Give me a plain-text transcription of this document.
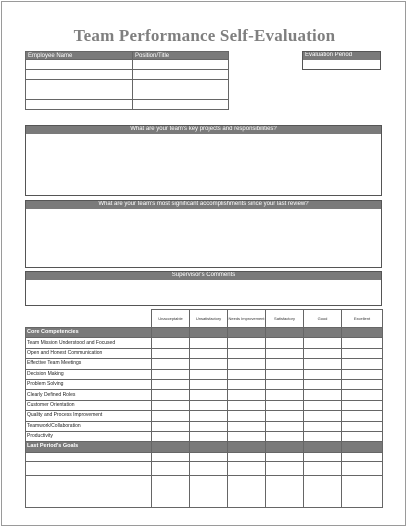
Team Performance Self-Evaluation
Employee Name	Position/Title

		Evaluation Period
What are your team's key projects and responsibilities?
What are your team's most significant accomplishments since your last review?
Supervisor's Comments
	Unacceptable	Unsatisfactory	Needs Improvement	Satisfactory	Good	Excellent
Core Competencies						
Team Mission Understood and Focused						
Open and Honest Communication						
Effective Team Meetings						
Decision Making						
Problem Solving						
Clearly Defined Roles						
Customer Orientation						
Quality and Process Improvement						
Teamwork/Collaboration						
Productivity						
Last Period's Goals						
